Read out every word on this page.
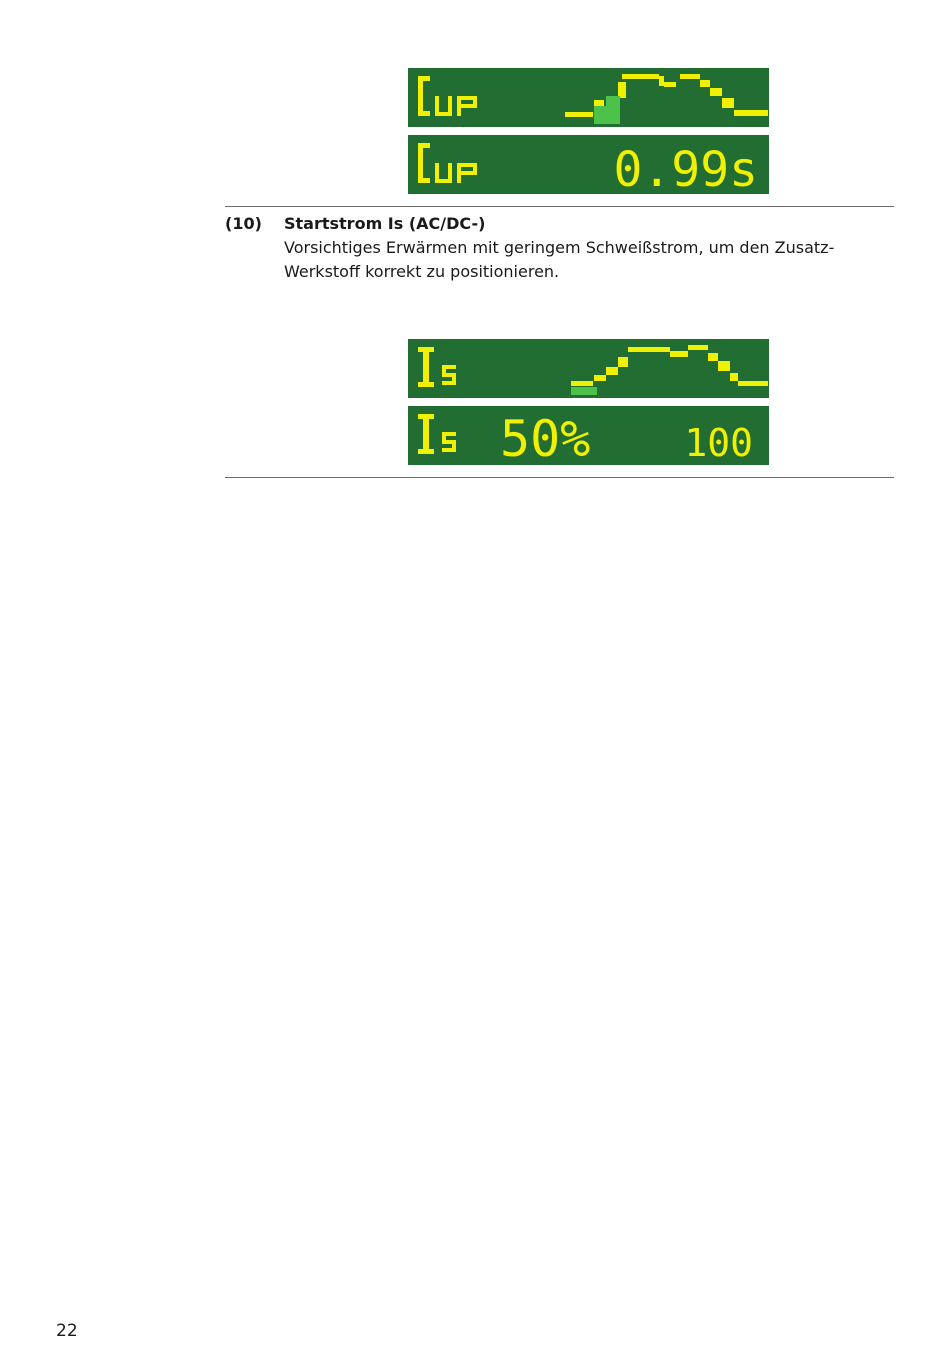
0.99s
(10) Startstrom Is (AC/DC-)
Vorsichtiges Erwärmen mit geringem Schweißstrom, um den Zusatz-Werkstoff korrekt zu positionieren.
50% 100
22
